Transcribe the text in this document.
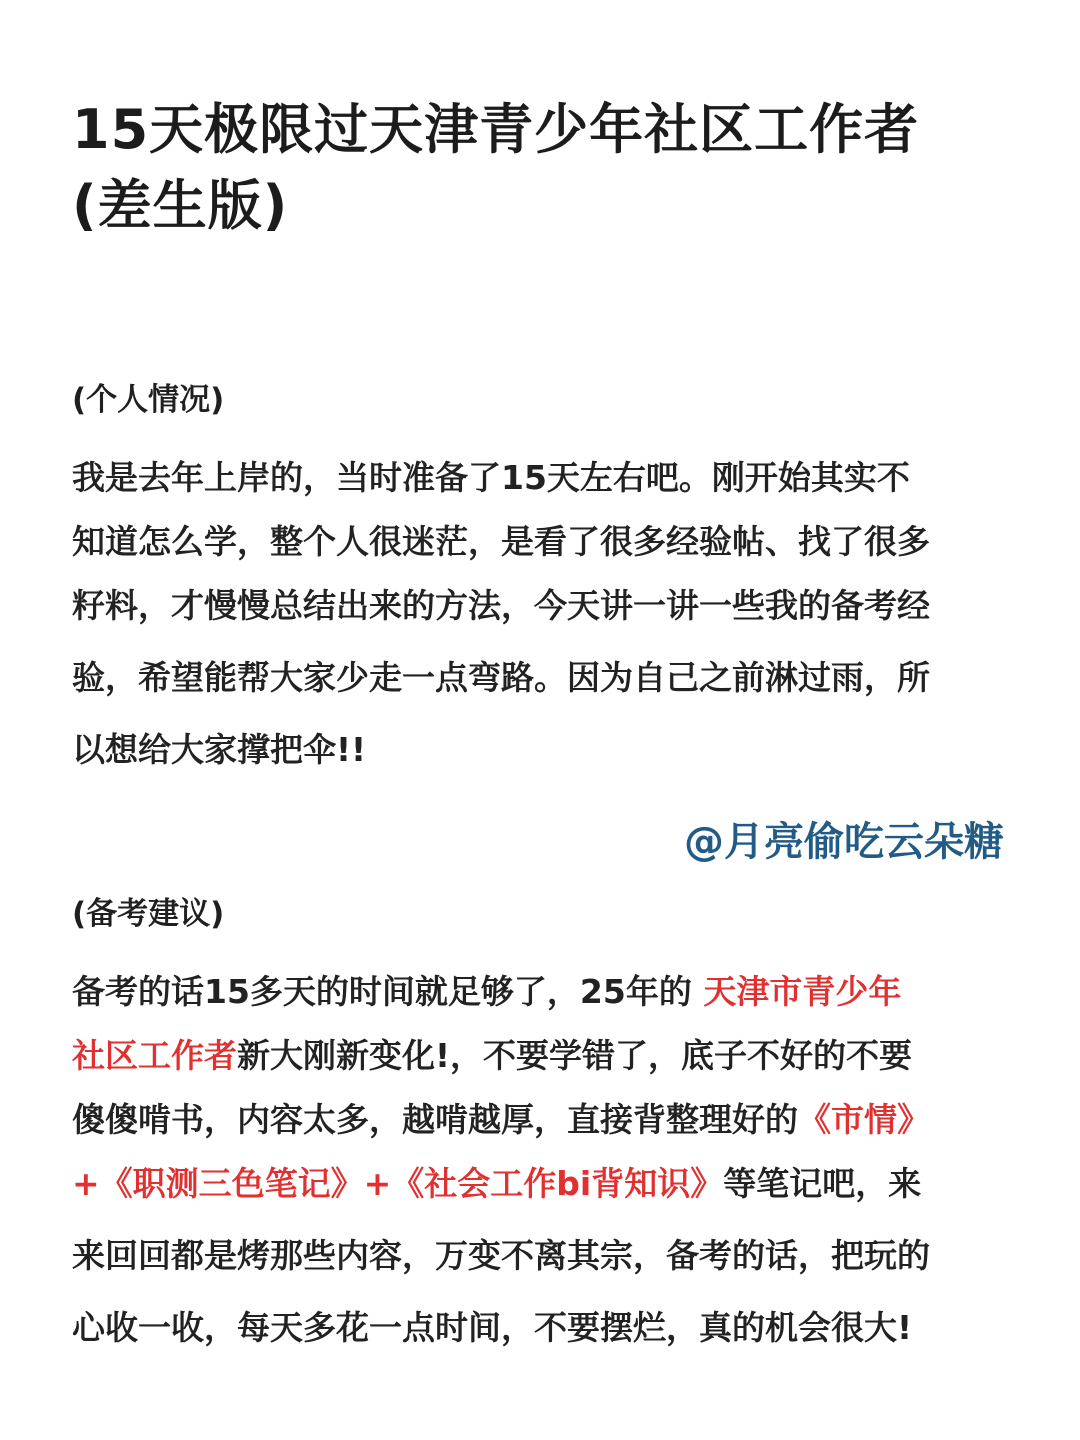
15天极限过天津青少年社区工作者
(差生版)

(个人情况)

我是去年上岸的，当时准备了15天左右吧。刚开始其实不
知道怎么学，整个人很迷茫，是看了很多经验帖、找了很多
籽料，才慢慢总结出来的方法，今天讲一讲一些我的备考经
验，希望能帮大家少走一点弯路。因为自己之前淋过雨，所
以想给大家撑把伞!!

@月亮偷吃云朵糖

(备考建议)

备考的话15多天的时间就足够了，25年的 天津市青少年
社区工作者新大刚新变化!，不要学错了，底子不好的不要
傻傻啃书，内容太多，越啃越厚，直接背整理好的《市情》
+《职测三色笔记》+《社会工作bi背知识》等笔记吧，来
来回回都是烤那些内容，万变不离其宗，备考的话，把玩的
心收一收，每天多花一点时间，不要摆烂，真的机会很大!
